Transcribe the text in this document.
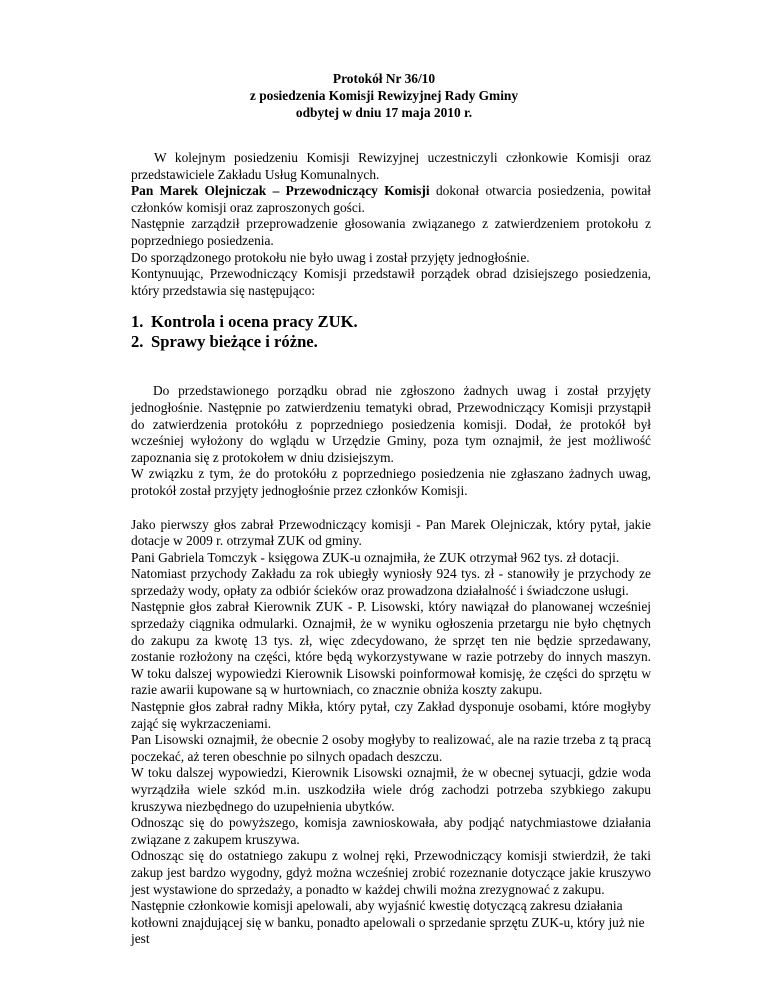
Protokół Nr 36/10
z posiedzenia Komisji Rewizyjnej Rady Gminy
odbytej w dniu 17 maja 2010 r.

W kolejnym posiedzeniu Komisji Rewizyjnej uczestniczyli członkowie Komisji oraz przedstawiciele Zakładu Usług Komunalnych.

Pan Marek Olejniczak – Przewodniczący Komisji dokonał otwarcia posiedzenia, powitał członków komisji oraz zaproszonych gości.

Następnie zarządził przeprowadzenie głosowania związanego z zatwierdzeniem protokołu z poprzedniego posiedzenia.

Do sporządzonego protokołu nie było uwag i został przyjęty jednogłośnie.

Kontynuując, Przewodniczący Komisji przedstawił porządek obrad dzisiejszego posiedzenia, który przedstawia się następująco:

1. Kontrola i ocena pracy ZUK.
2. Sprawy bieżące i różne.

Do przedstawionego porządku obrad nie zgłoszono żadnych uwag i został przyjęty jednogłośnie. Następnie po zatwierdzeniu tematyki obrad, Przewodniczący Komisji przystąpił do zatwierdzenia protokółu z poprzedniego posiedzenia komisji. Dodał, że protokół był wcześniej wyłożony do wglądu w Urzędzie Gminy, poza tym oznajmił, że jest możliwość zapoznania się z protokołem w dniu dzisiejszym.

W związku z tym, że do protokółu z poprzedniego posiedzenia nie zgłaszano żadnych uwag, protokół został przyjęty jednogłośnie przez członków Komisji.

Jako pierwszy głos zabrał Przewodniczący komisji - Pan Marek Olejniczak, który pytał, jakie dotacje w 2009 r. otrzymał ZUK od gminy.

Pani Gabriela Tomczyk - księgowa ZUK-u oznajmiła, że ZUK otrzymał 962 tys. zł dotacji.

Natomiast przychody Zakładu za rok ubiegły wyniosły 924 tys. zł - stanowiły je przychody ze sprzedaży wody, opłaty za odbiór ścieków oraz prowadzona działalność i świadczone usługi.

Następnie głos zabrał Kierownik ZUK - P. Lisowski, który nawiązał do planowanej wcześniej sprzedaży ciągnika odmularki. Oznajmił, że w wyniku ogłoszenia przetargu nie było chętnych do zakupu za kwotę 13 tys. zł, więc zdecydowano, że sprzęt ten nie będzie sprzedawany, zostanie rozłożony na części, które będą wykorzystywane w razie potrzeby do innych maszyn. W toku dalszej wypowiedzi Kierownik Lisowski poinformował komisję, że części do sprzętu w razie awarii kupowane są w hurtowniach, co znacznie obniża koszty zakupu.

Następnie głos zabrał radny Mikła, który pytał, czy Zakład dysponuje osobami, które mogłyby zająć się wykrzaczeniami.

Pan Lisowski oznajmił, że obecnie 2 osoby mogłyby to realizować, ale na razie trzeba z tą pracą poczekać, aż teren obeschnie po silnych opadach deszczu.

W toku dalszej wypowiedzi, Kierownik Lisowski oznajmił, że w obecnej sytuacji, gdzie woda wyrządziła wiele szkód m.in. uszkodziła wiele dróg zachodzi potrzeba szybkiego zakupu kruszywa niezbędnego do uzupełnienia ubytków.

Odnosząc się do powyższego, komisja zawnioskowała, aby podjąć natychmiastowe działania związane z zakupem kruszywa.

Odnosząc się do ostatniego zakupu z wolnej ręki, Przewodniczący komisji stwierdził, że taki zakup jest bardzo wygodny, gdyż można wcześniej zrobić rozeznanie dotyczące jakie kruszywo jest wystawione do sprzedaży, a ponadto w każdej chwili można zrezygnować z zakupu.

Następnie członkowie komisji apelowali, aby wyjaśnić kwestię dotyczącą zakresu działania kotłowni znajdującej się w banku, ponadto apelowali o sprzedanie sprzętu ZUK-u, który już nie jest
